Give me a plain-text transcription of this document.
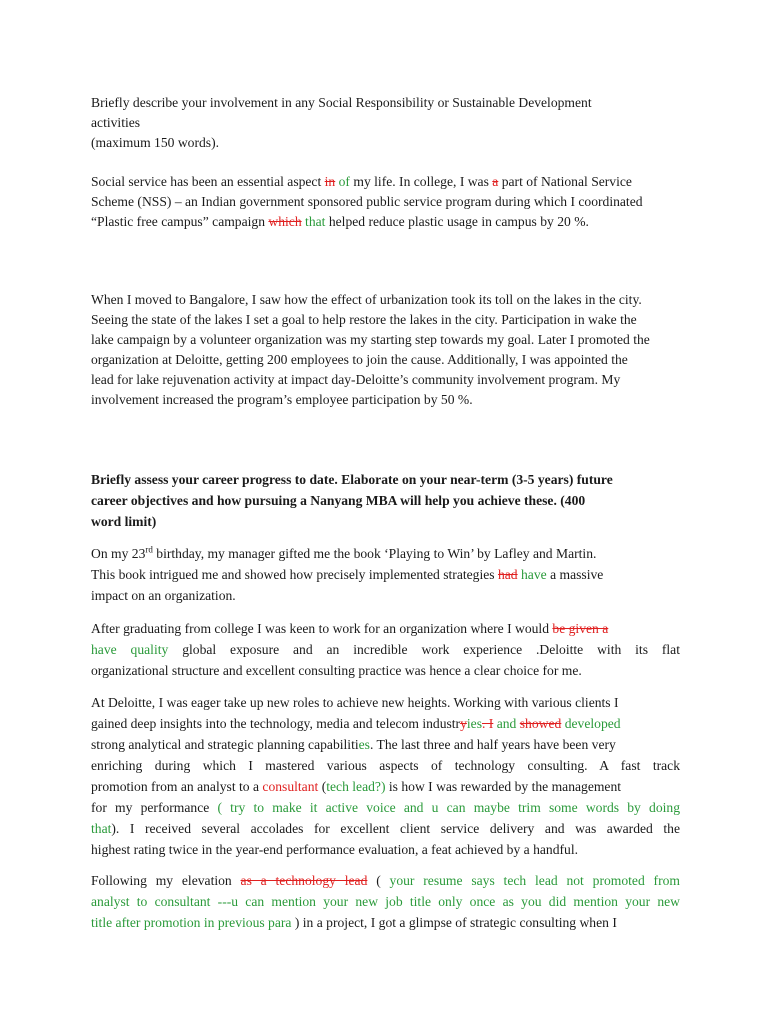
Briefly describe your involvement in any Social Responsibility or Sustainable Development
activities
(maximum 150 words).
Social service has been an essential aspect in of my life. In college, I was a part of National Service
Scheme (NSS) – an Indian government sponsored public service program during which I coordinated
“Plastic free campus” campaign which that helped reduce plastic usage in campus by 20 %.
When I moved to Bangalore, I saw how the effect of urbanization took its toll on the lakes in the city.
Seeing the state of the lakes I set a goal to help restore the lakes in the city. Participation in wake the
lake campaign by a volunteer organization was my starting step towards my goal. Later I promoted the
organization at Deloitte, getting 200 employees to join the cause. Additionally, I was appointed the
lead for lake rejuvenation activity at impact day-Deloitte’s community involvement program. My
involvement increased the program’s employee participation by 50 %.
Briefly assess your career progress to date. Elaborate on your near-term (3-5 years) future
career objectives and how pursuing a Nanyang MBA will help you achieve these. (400
word limit)
On my 23rd birthday, my manager gifted me the book ‘Playing to Win’ by Lafley and Martin.
This book intrigued me and showed how precisely implemented strategies had have a massive
impact on an organization.
After graduating from college I was keen to work for an organization where I would be given a
have quality global exposure and an incredible work experience .Deloitte with its flat
organizational structure and excellent consulting practice was hence a clear choice for me.
At Deloitte, I was eager take up new roles to achieve new heights. Working with various clients I
gained deep insights into the technology, media and telecom industryies. I and showed developed
strong analytical and strategic planning capabilities. The last three and half years have been very
enriching during which I mastered various aspects of technology consulting. A fast track
promotion from an analyst to a consultant (tech lead?) is how I was rewarded by the management
for my performance ( try to make it active voice and u can maybe trim some words by doing
that). I received several accolades for excellent client service delivery and was awarded the
highest rating twice in the year-end performance evaluation, a feat achieved by a handful.
Following my elevation as a technology lead ( your resume says tech lead not promoted from
analyst to consultant ---u can mention your new job title only once as you did mention your new
title after promotion in previous para ) in a project, I got a glimpse of strategic consulting when I
